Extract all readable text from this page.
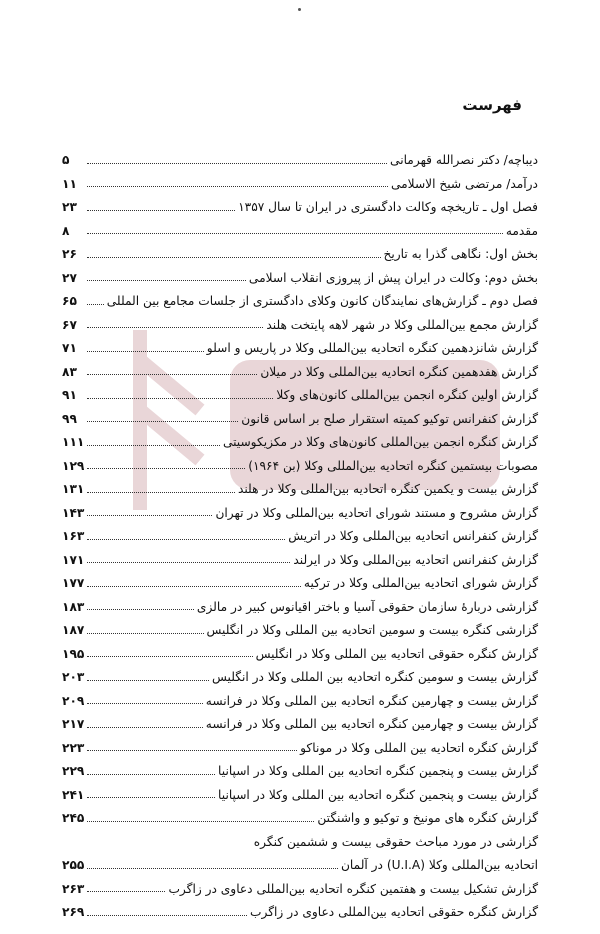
فهرست
دیباچه/ دکتر نصرالله قهرمانی
۵
درآمد/ مرتضی شیخ الاسلامی
۱۱
فصل اول ـ تاریخچه وکالت دادگستری در ایران تا سال ۱۳۵۷
۲۳
مقدمه
۸
بخش اول: نگاهی گذرا به تاریخ
۲۶
بخش دوم: وکالت در ایران پیش از پیروزی انقلاب اسلامی
۲۷
فصل دوم ـ گزارش‌های نمایندگان کانون وکلای دادگستری از جلسات مجامع بین المللی
۶۵
گزارش مجمع بین‌المللی وکلا در شهر لاهه پایتخت هلند
۶۷
گزارش شانزدهمین کنگره اتحادیه بین‌المللی وکلا در پاریس و اسلو
۷۱
گزارش هفدهمین کنگره اتحادیه بین‌المللی وکلا در میلان
۸۳
گزارش اولین کنگره انجمن بین‌المللی کانون‌های وکلا
۹۱
گزارش کنفرانس توکیو کمیته استقرار صلح بر اساس قانون
۹۹
گزارش کنگره انجمن بین‌المللی کانون‌های وکلا در مکزیکوسیتی
۱۱۱
مصوبات بیستمین کنگره اتحادیه بین‌المللی وکلا (بن ۱۹۶۴)
۱۲۹
گزارش بیست و یکمین کنگره اتحادیه بین‌المللی وکلا در هلند
۱۳۱
گزارش مشروح و مستند شورای اتحادیه بین‌المللی وکلا در تهران
۱۴۳
گزارش کنفرانس اتحادیه بین‌المللی وکلا در اتریش
۱۶۳
گزارش کنفرانس اتحادیه بین‌المللی وکلا در ایرلند
۱۷۱
گزارش شورای اتحادیه بین‌المللی وکلا در ترکیه
۱۷۷
گزارشی دربارهٔ سازمان حقوقی آسیا و باختر اقیانوس کبیر در مالزی
۱۸۳
گزارشی کنگره بیست و سومین اتحادیه بین المللی وکلا در انگلیس
۱۸۷
گزارش کنگره حقوقی اتحادیه بین المللی وکلا در انگلیس
۱۹۵
گزارش بیست و سومین کنگره اتحادیه بین المللی وکلا در انگلیس
۲۰۳
گزارش بیست و چهارمین کنگره اتحادیه بین المللی وکلا در فرانسه
۲۰۹
گزارش بیست و چهارمین کنگره اتحادیه بین المللی وکلا در فرانسه
۲۱۷
گزارش کنگره اتحادیه بین المللی وکلا در موناکو
۲۲۳
گزارش بیست و پنجمین کنگره اتحادیه بین المللی وکلا در اسپانیا
۲۲۹
گزارش بیست و پنجمین کنگره اتحادیه بین المللی وکلا در اسپانیا
۲۴۱
گزارش کنگره های مونیخ و توکیو و واشنگتن
۲۴۵
گزارشی در مورد مباحث حقوقی بیست و ششمین کنگره
اتحادیه بین‌المللی وکلا (U.I.A) در آلمان
۲۵۵
گزارش تشکیل بیست و هفتمین کنگره اتحادیه بین‌المللی دعاوی در زاگرب
۲۶۳
گزارش کنگره حقوقی اتحادیه بین‌المللی دعاوی در زاگرب
۲۶۹
